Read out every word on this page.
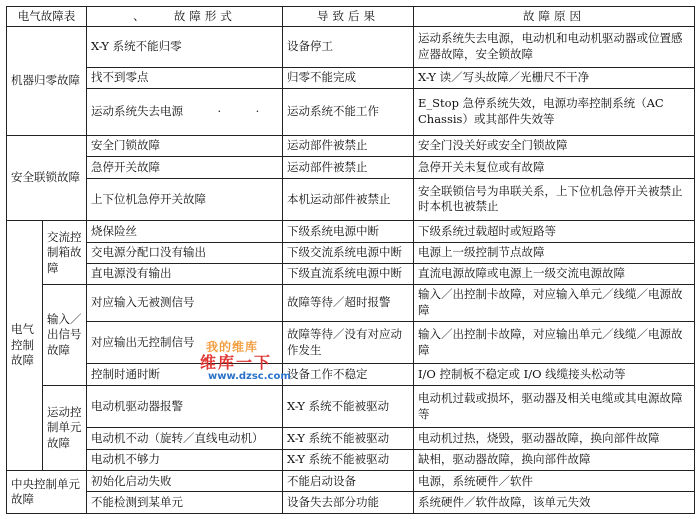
电气故障表		、　　故障形式	导致后果	故障原因
机器归零故障		X-Y 系统不能归零	设备停工	运动系统失去电源，电动机和电动机驱动器或位置感应器故障，安全锁故障
		找不到零点	归零不能完成	X-Y 读／写头故障／光栅尺不干净
		运动系统失去电源　　　·　　　·	运动系统不能工作	E_Stop 急停系统失效，电源功率控制系统（AC Chassis）或其部件失效等
安全联锁故障		安全门锁故障	运动部件被禁止	安全门没关好或安全门锁故障
		急停开关故障	运动部件被禁止	急停开关未复位或有故障
		上下位机急停开关故障	本机运动部件被禁止	安全联锁信号为串联关系，上下位机急停开关被禁止时本机也被禁止
电气控制故障	交流控制箱故障	烧保险丝	下级系统电源中断	下级系统过载超时或短路等
		交电源分配口没有输出	下级交流系统电源中断	电源上一级控制节点故障
		直电源没有输出	下级直流系统电源中断	直流电源故障或电源上一级交流电源故障
	输入／出信号故障	对应输入无被测信号	故障等待／超时报警	输入／出控制卡故障，对应输入单元／线缆／电源故障
		对应输出无控制信号	故障等待／没有对应动作发生	输入／出控制卡故障，对应输出单元／线缆／电源故障
		控制时通时断	设备工作不稳定	I/O 控制板不稳定或 I/O 线缆接头松动等
	运动控制单元故障	电动机驱动器报警	X-Y 系统不能被驱动	电动机过载或损坏，驱动器及相关电缆或其电源故障等
		电动机不动（旋转／直线电动机）	X-Y 系统不能被驱动	电动机过热，烧毁，驱动器故障，换向部件故障
		电动机不够力	X-Y 系统不能被驱动	缺相，驱动器故障，换向部件故障
中央控制单元故障		初始化启动失败	不能启动设备	电源，系统硬件／软件
		不能检测到某单元	设备失去部分功能	系统硬件／软件故障，该单元失效
我的维库
维库一下
www.dzsc.com
